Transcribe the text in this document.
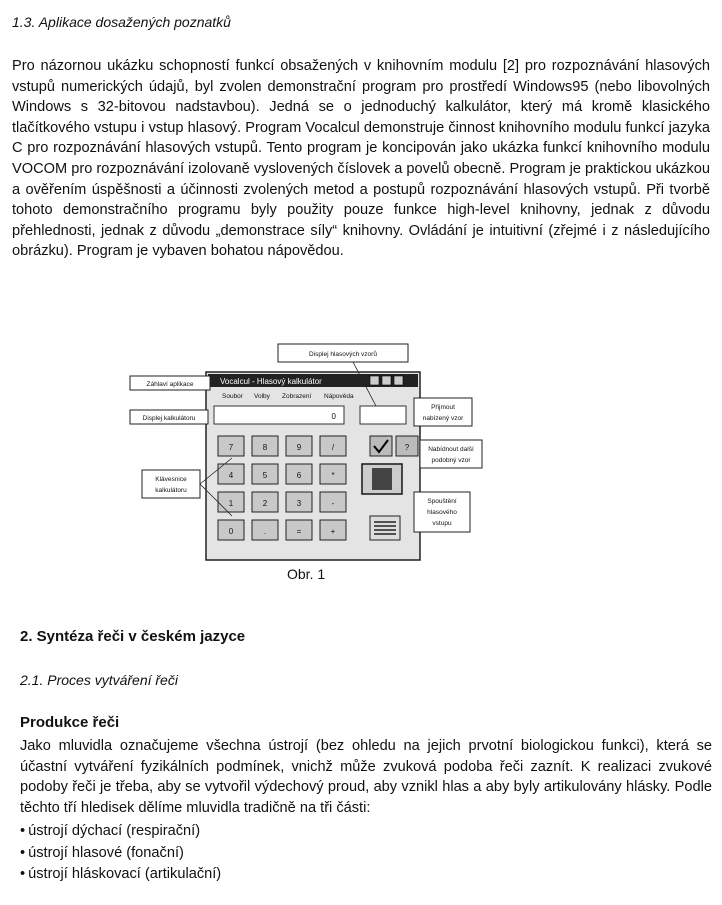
1.3. Aplikace dosažených poznatků

Pro názornou ukázku schopností funkcí obsažených v knihovním modulu [2] pro rozpoznávání hlasových vstupů numerických údajů, byl zvolen demonstrační program pro prostředí Windows95 (nebo libovolných Windows s 32-bitovou nadstavbou). Jedná se o jednoduchý kalkulátor, který má kromě klasického tlačítkového vstupu i vstup hlasový. Program Vocalcul demonstruje činnost knihovního modulu funkcí jazyka C pro rozpoznávání hlasových vstupů. Tento program je koncipován jako ukázka funkcí knihovního modulu VOCOM pro rozpoznávání izolovaně vyslovených číslovek a povelů obecně. Program je praktickou ukázkou a ověřením úspěšnosti a účinnosti zvolených metod a postupů rozpoznávání hlasových vstupů. Při tvorbě tohoto demonstračního programu byly použity pouze funkce high-level knihovny, jednak z důvodu přehlednosti, jednak z důvodu „demonstrace síly“ knihovny. Ovládání je intuitivní (zřejmé i z následujícího obrázku). Program je vybaven bohatou nápovědou.

Vocalcul - Hlasový kalkulátor
Soubor Volby Zobrazení Nápověda
0
7	8	9	/
4	5	6	*
1	2	3	-
0	.	=	+
?
Displej hlasových vzorů
Záhlaví aplikace
Displej kalkulátoru
Přijmout
nabízený vzor
Nabídnout další
podobný vzor
Klávesnice
kalkulátoru
Spouštění
hlasového
vstupu
Obr. 1
2. Syntéza řeči v českém jazyce
2.1. Proces vytváření řeči
Produkce řeči

Jako mluvidla označujeme všechna ústrojí (bez ohledu na jejich prvotní biologickou funkci), která se účastní vytváření fyzikálních podmínek, vnichž může zvuková podoba řeči zaznít. K realizaci zvukové podoby řeči je třeba, aby se vytvořil výdechový proud, aby vznikl hlas a aby byly artikulovány hlásky. Podle těchto tří hledisek dělíme mluvidla tradičně na tři části:

• ústrojí dýchací (respirační)
• ústrojí hlasové (fonační)
• ústrojí hláskovací (artikulační)
